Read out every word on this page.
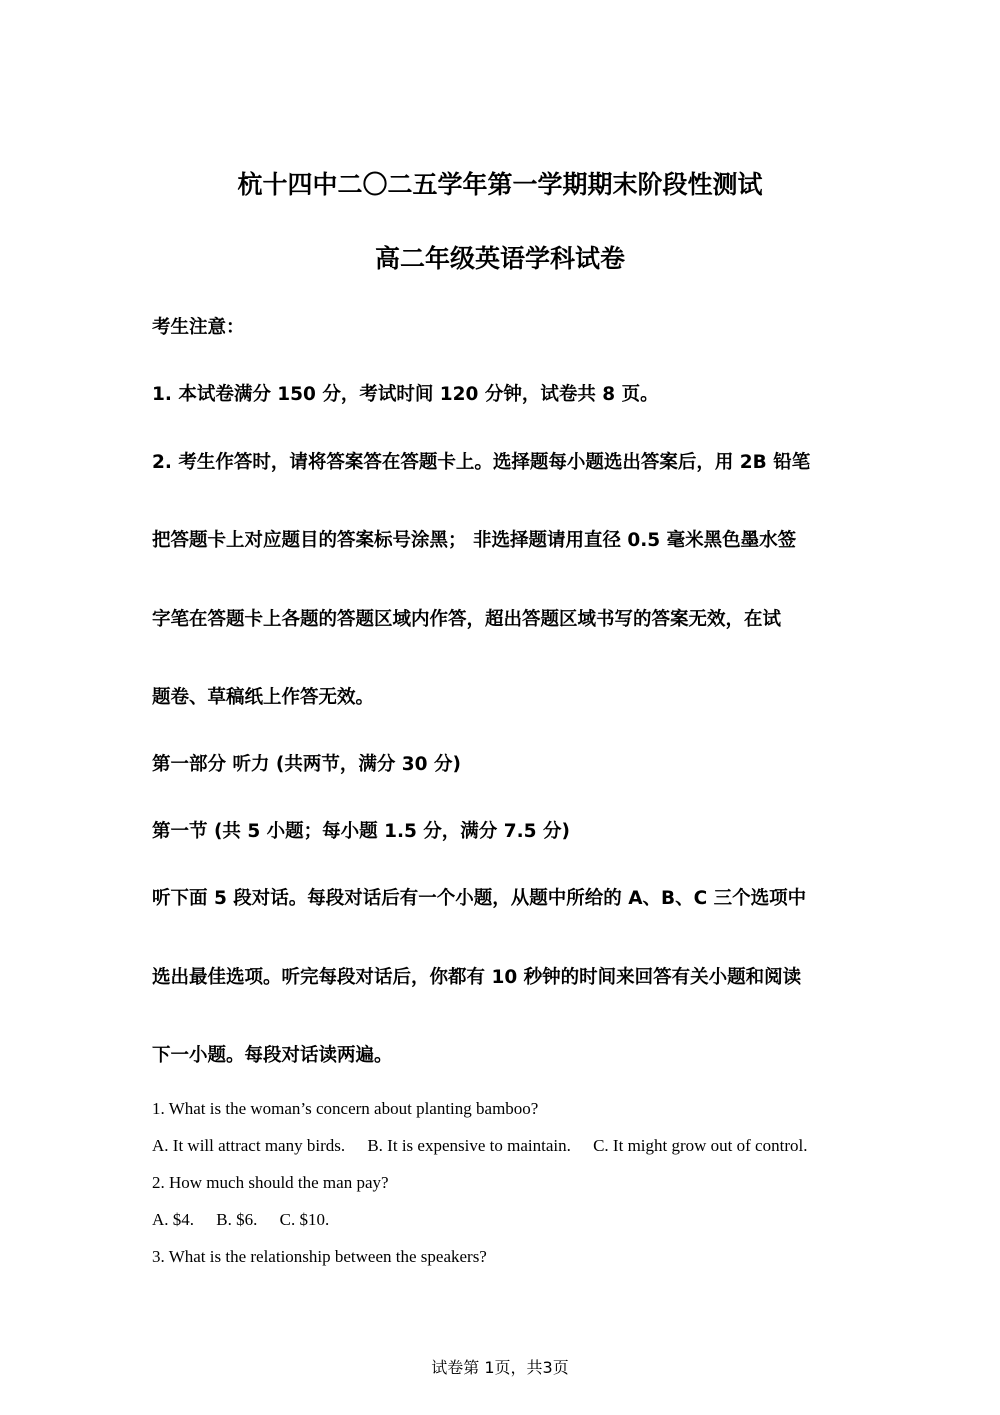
杭十四中二〇二五学年第一学期期末阶段性测试
高二年级英语学科试卷
考生注意：
1. 本试卷满分 150 分，考试时间 120 分钟，试卷共 8 页。
2. 考生作答时，请将答案答在答题卡上。选择题每小题选出答案后，用 2B 铅笔
把答题卡上对应题目的答案标号涂黑； 非选择题请用直径 0.5 毫米黑色墨水签
字笔在答题卡上各题的答题区域内作答，超出答题区域书写的答案无效，在试
题卷、草稿纸上作答无效。
第一部分 听力 (共两节，满分 30 分)
第一节 (共 5 小题；每小题 1.5 分，满分 7.5 分)
听下面 5 段对话。每段对话后有一个小题，从题中所给的 A、B、C 三个选项中
选出最佳选项。听完每段对话后，你都有 10 秒钟的时间来回答有关小题和阅读
下一小题。每段对话读两遍。
1. What is the woman’s concern about planting bamboo?
A. It will attract many birds. B. It is expensive to maintain. C. It might grow out of control.
2. How much should the man pay?
A. $4. B. $6. C. $10.
3. What is the relationship between the speakers?
试卷第 1页，共3页
